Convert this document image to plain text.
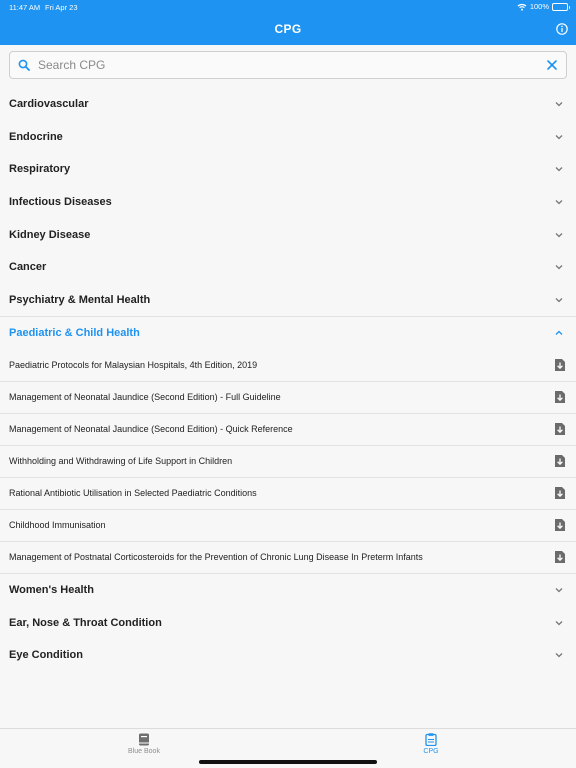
11:47 AM Fri Apr 23	100%
CPG
Search CPG
Cardiovascular
Endocrine
Respiratory
Infectious Diseases
Kidney Disease
Cancer
Psychiatry & Mental Health
Paediatric & Child Health
Paediatric Protocols for Malaysian Hospitals, 4th Edition, 2019
Management of Neonatal Jaundice (Second Edition) - Full Guideline
Management of Neonatal Jaundice (Second Edition) - Quick Reference
Withholding and Withdrawing of Life Support in Children
Rational Antibiotic Utilisation in Selected Paediatric Conditions
Childhood Immunisation
Management of Postnatal Corticosteroids for the Prevention of Chronic Lung Disease In Preterm Infants
Women's Health
Ear, Nose & Throat Condition
Eye Condition
Blue Book	CPG
